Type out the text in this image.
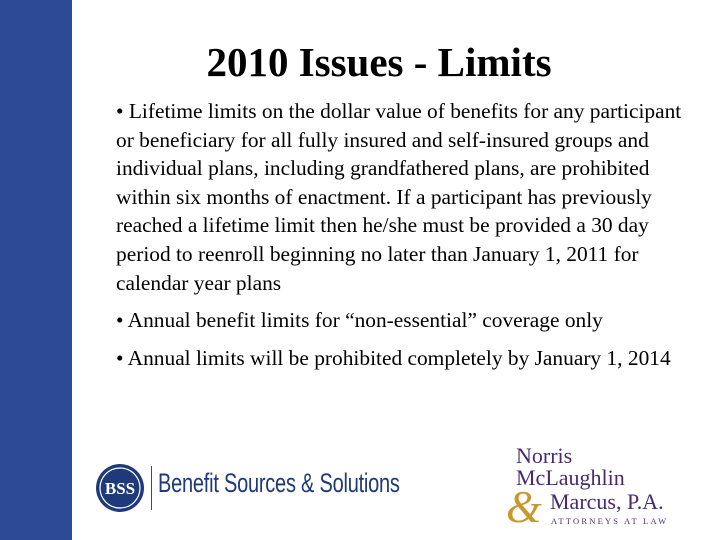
2010 Issues - Limits

• Lifetime limits on the dollar value of benefits for any participant or beneficiary for all fully insured and self-insured groups and individual plans, including grandfathered plans, are prohibited within six months of enactment. If a participant has previously reached a lifetime limit then he/she must be provided a 30 day period to reenroll beginning no later than January 1, 2011 for calendar year plans

• Annual benefit limits for “non-essential” coverage only

• Annual limits will be prohibited completely by January 1, 2014

BSS Benefit Sources & Solutions
Norris
McLaughlin
& Marcus, P.A.
ATTORNEYS AT LAW
